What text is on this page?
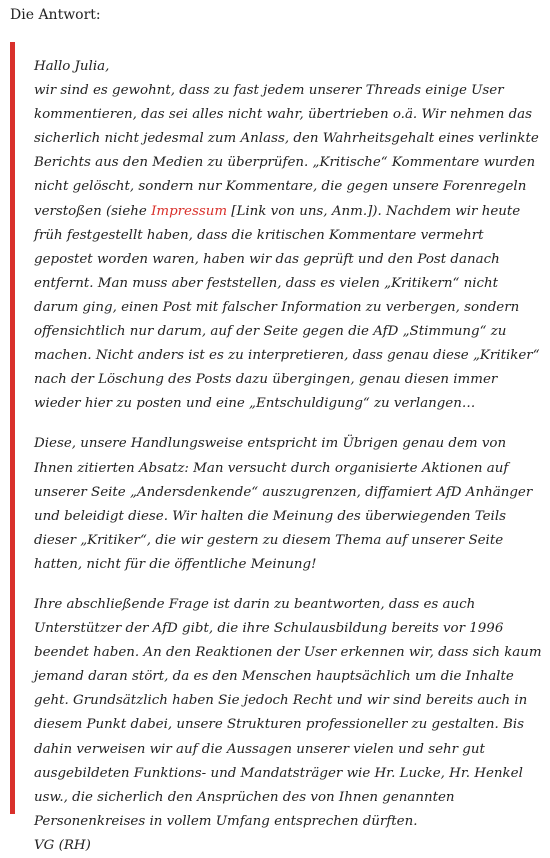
Die Antwort:

Hallo Julia,
wir sind es gewohnt, dass zu fast jedem unserer Threads einige User kommentieren, das sei alles nicht wahr, übertrieben o.ä. Wir nehmen das sicherlich nicht jedesmal zum Anlass, den Wahrheitsgehalt eines verlinkte Berichts aus den Medien zu überprüfen. „Kritische“ Kommentare wurden nicht gelöscht, sondern nur Kommentare, die gegen unsere Forenregeln verstoßen (siehe Impressum [Link von uns, Anm.]). Nachdem wir heute früh festgestellt haben, dass die kritischen Kommentare vermehrt gepostet worden waren, haben wir das geprüft und den Post danach entfernt. Man muss aber feststellen, dass es vielen „Kritikern“ nicht darum ging, einen Post mit falscher Information zu verbergen, sondern offensichtlich nur darum, auf der Seite gegen die AfD „Stimmung“ zu machen. Nicht anders ist es zu interpretieren, dass genau diese „Kritiker“ nach der Löschung des Posts dazu übergingen, genau diesen immer wieder hier zu posten und eine „Entschuldigung“ zu verlangen…

Diese, unsere Handlungsweise entspricht im Übrigen genau dem von Ihnen zitierten Absatz: Man versucht durch organisierte Aktionen auf unserer Seite „Andersdenkende“ auszugrenzen, diffamiert AfD Anhänger und beleidigt diese. Wir halten die Meinung des überwiegenden Teils dieser „Kritiker“, die wir gestern zu diesem Thema auf unserer Seite hatten, nicht für die öffentliche Meinung!

Ihre abschließende Frage ist darin zu beantworten, dass es auch Unterstützer der AfD gibt, die ihre Schulausbildung bereits vor 1996 beendet haben. An den Reaktionen der User erkennen wir, dass sich kaum jemand daran stört, da es den Menschen hauptsächlich um die Inhalte geht. Grundsätzlich haben Sie jedoch Recht und wir sind bereits auch in diesem Punkt dabei, unsere Strukturen professioneller zu gestalten. Bis dahin verweisen wir auf die Aussagen unserer vielen und sehr gut ausgebildeten Funktions- und Mandatsträger wie Hr. Lucke, Hr. Henkel usw., die sicherlich den Ansprüchen des von Ihnen genannten Personenkreises in vollem Umfang entsprechen dürften.
VG (RH)
